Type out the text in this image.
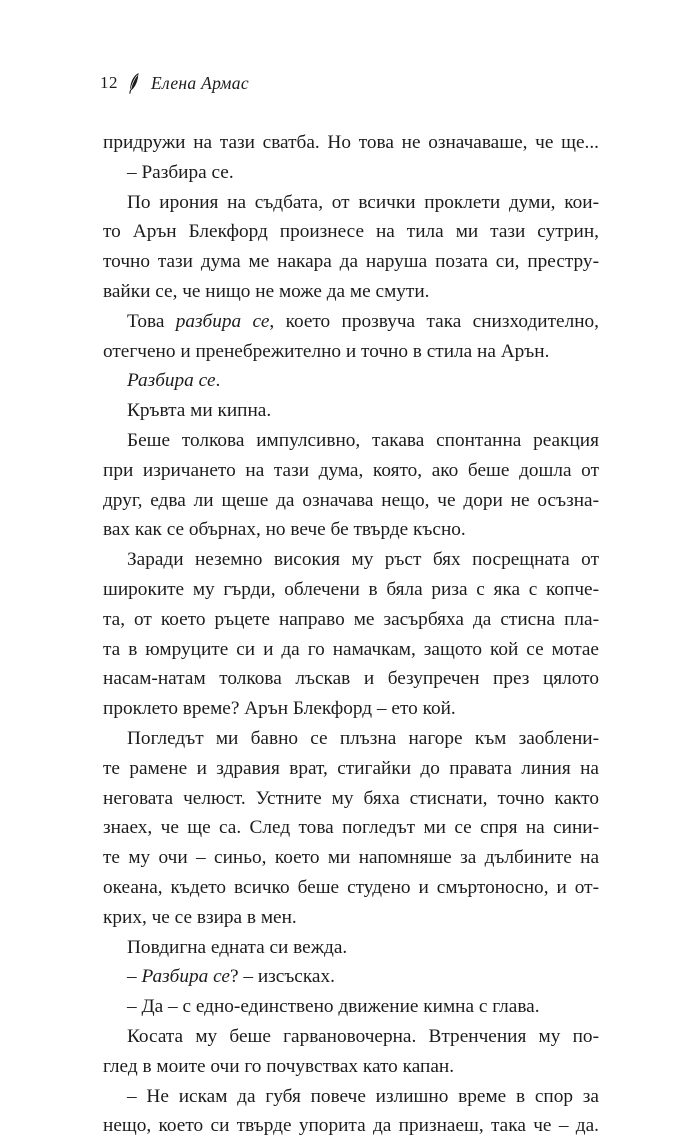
12 Елена Армас
придружи на тази сватба. Но това не означаваше, че ще...
– Разбира се.
По ирония на съдбата, от всички проклети думи, кои-
то Арън Блекфорд произнесе на тила ми тази сутрин,
точно тази дума ме накара да наруша позата си, престру-
вайки се, че нищо не може да ме смути.
Това разбира се, което прозвуча така снизходително,
отегчено и пренебрежително и точно в стила на Арън.
Разбира се.
Кръвта ми кипна.
Беше толкова импулсивно, такава спонтанна реакция
при изричането на тази дума, която, ако беше дошла от
друг, едва ли щеше да означава нещо, че дори не осъзна-
вах как се обърнах, но вече бе твърде късно.
Заради неземно високия му ръст бях посрещната от
широките му гърди, облечени в бяла риза с яка с копче-
та, от което ръцете направо ме засърбяха да стисна пла-
та в юмруците си и да го намачкам, защото кой се мотае
насам-натам толкова лъскав и безупречен през цялото
проклето време? Арън Блекфорд – ето кой.
Погледът ми бавно се плъзна нагоре към заоблени-
те рамене и здравия врат, стигайки до правата линия на
неговата челюст. Устните му бяха стиснати, точно както
знаех, че ще са. След това погледът ми се спря на сини-
те му очи – синьо, което ми напомняше за дълбините на
океана, където всичко беше студено и смъртоносно, и от-
крих, че се взира в мен.
Повдигна едната си вежда.
– Разбира се? – изсъсках.
– Да – с едно-единствено движение кимна с глава.
Косата му беше гарвановочерна. Втренчения му по-
глед в моите очи го почувствах като капан.
– Не искам да губя повече излишно време в спор за
нещо, което си твърде упорита да признаеш, така че – да.
